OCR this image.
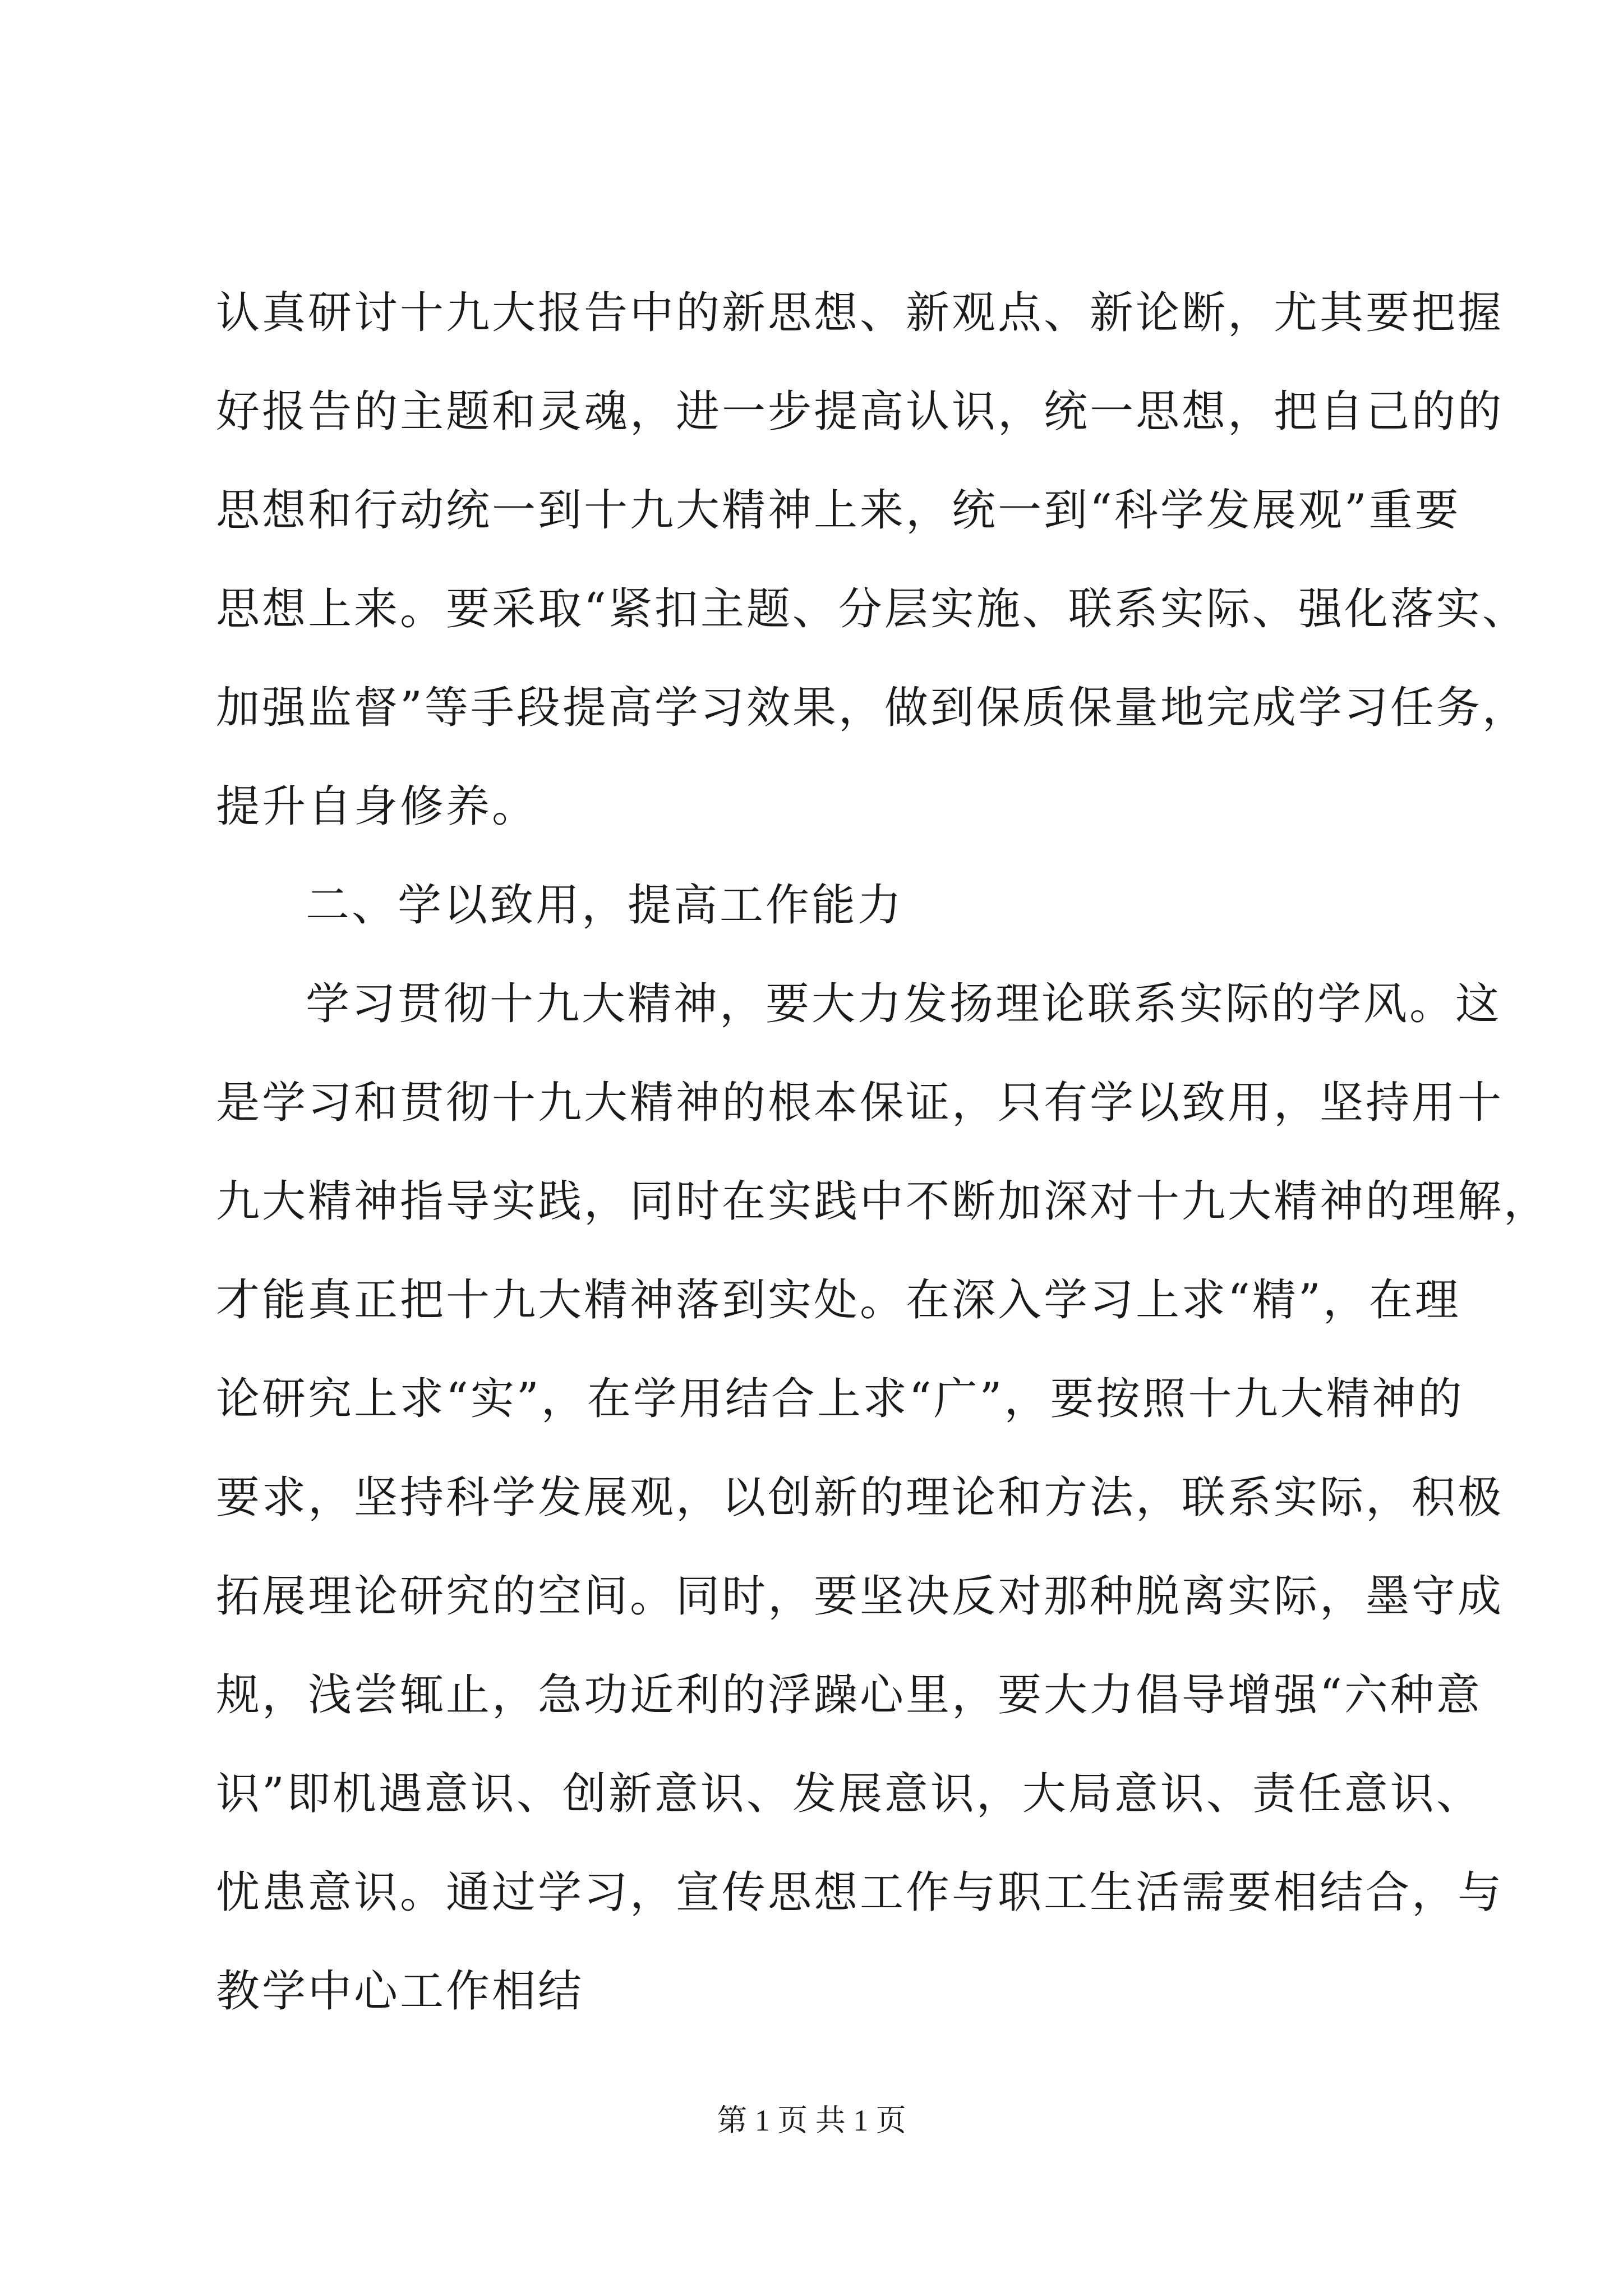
认真研讨十九大报告中的新思想、新观点、新论断，尤其要把握
好报告的主题和灵魂，进一步提高认识，统一思想，把自己的的
思想和行动统一到十九大精神上来，统一到“科学发展观”重要
思想上来。要采取“紧扣主题、分层实施、联系实际、强化落实、
加强监督”等手段提高学习效果，做到保质保量地完成学习任务，
提升自身修养。
二、学以致用，提高工作能力
学习贯彻十九大精神，要大力发扬理论联系实际的学风。这
是学习和贯彻十九大精神的根本保证，只有学以致用，坚持用十
九大精神指导实践，同时在实践中不断加深对十九大精神的理解，
才能真正把十九大精神落到实处。在深入学习上求“精”，在理
论研究上求“实”，在学用结合上求“广”，要按照十九大精神的
要求，坚持科学发展观，以创新的理论和方法，联系实际，积极
拓展理论研究的空间。同时，要坚决反对那种脱离实际，墨守成
规，浅尝辄止，急功近利的浮躁心里，要大力倡导增强“六种意
识”即机遇意识、创新意识、发展意识，大局意识、责任意识、
忧患意识。通过学习，宣传思想工作与职工生活需要相结合，与
教学中心工作相结
第 1 页 共 1 页
